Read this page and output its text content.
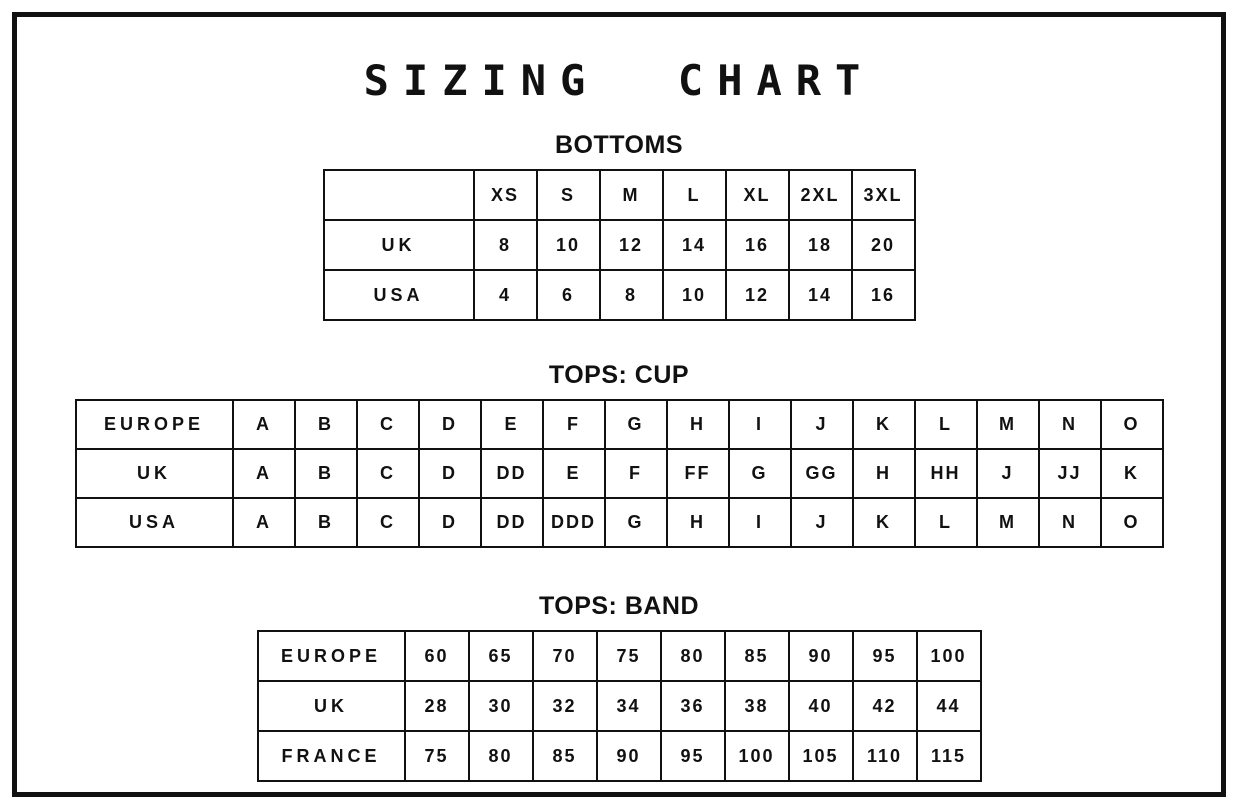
SIZING  CHART
BOTTOMS
	XS	S	M	L	XL	2XL	3XL
UK	8	10	12	14	16	18	20
USA	4	6	8	10	12	14	16
TOPS: CUP
EUROPE	A	B	C	D	E	F	G	H	I	J	K	L	M	N	O
UK	A	B	C	D	DD	E	F	FF	G	GG	H	HH	J	JJ	K
USA	A	B	C	D	DD	DDD	G	H	I	J	K	L	M	N	O
TOPS: BAND
EUROPE	60	65	70	75	80	85	90	95	100
UK	28	30	32	34	36	38	40	42	44
FRANCE	75	80	85	90	95	100	105	110	115
